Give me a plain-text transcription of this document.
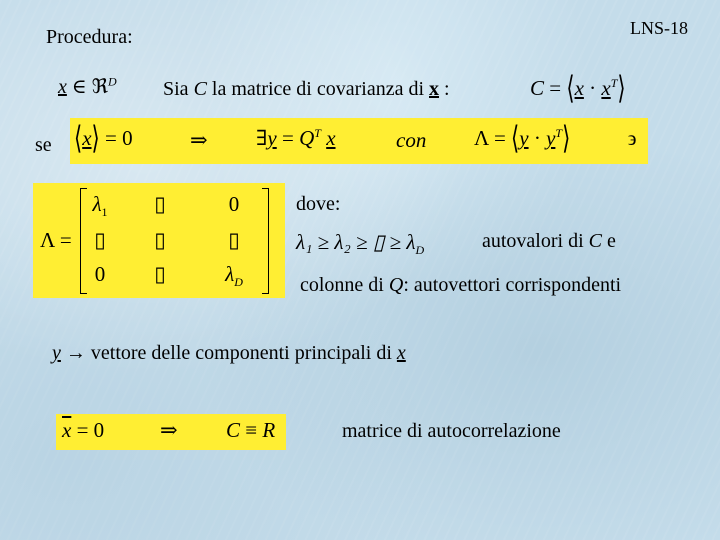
Procedura:	LNS-18
x ∈ ℜ$^D$ Sia C la matrice di covarianza di x :	C = ⟨x · $x^T⟩$
se ⟨x⟩ = 0	⇒ ∃y = $Q^T$ x	con Λ = ⟨y · $y^T⟩$	϶
Λ =
$\lambda_1$	▯	0
▯	▯	▯
0	▯	$\lambda_D$
dove:
λ₁ ≥ λ₂ ≥ ▯ ≥ $\lambda_D$	autovalori di C e
colonne di Q: autovettori corrispondenti
y → vettore delle componenti principali di x
$\overline{x} = 0$	⇒ C ≡ R	matrice di autocorrelazione
